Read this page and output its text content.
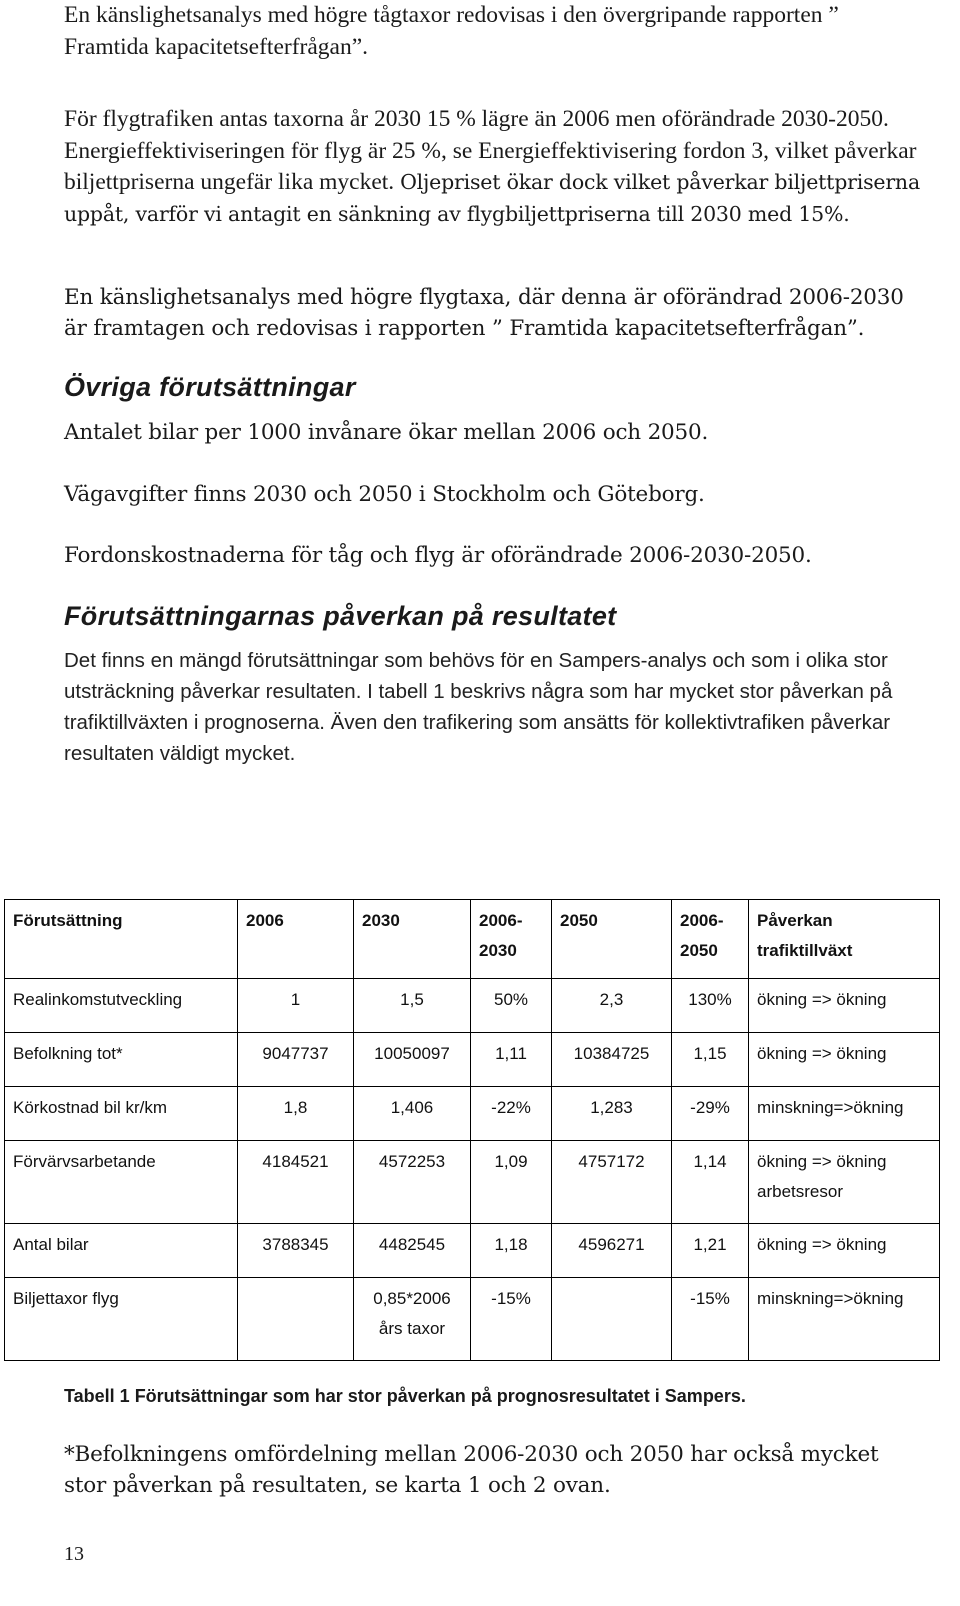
En känslighetsanalys med högre tågtaxor redovisas i den övergripande rapporten ” Framtida kapacitetsefterfrågan”.

För flygtrafiken antas taxorna år 2030 15 % lägre än 2006 men oförändrade 2030-2050. Energieffektiviseringen för flyg är 25 %, se Energieffektivisering fordon 3, vilket påverkar biljettpriserna ungefär lika mycket. Oljepriset ökar dock vilket påverkar biljettpriserna uppåt, varför vi antagit en sänkning av flygbiljettpriserna till 2030 med 15%.

En känslighetsanalys med högre flygtaxa, där denna är oförändrad 2006-2030 är framtagen och redovisas i rapporten ” Framtida kapacitetsefterfrågan”.

Övriga förutsättningar

Antalet bilar per 1000 invånare ökar mellan 2006 och 2050.

Vägavgifter finns 2030 och 2050 i Stockholm och Göteborg.

Fordonskostnaderna för tåg och flyg är oförändrade 2006-2030-2050.

Förutsättningarnas påverkan på resultatet

Det finns en mängd förutsättningar som behövs för en Sampers-analys och som i olika stor utsträckning påverkar resultaten. I tabell 1 beskrivs några som har mycket stor påverkan på trafiktillväxten i prognoserna. Även den trafikering som ansätts för kollektivtrafiken påverkar resultaten väldigt mycket.

Förutsättning	2006	2030	2006-2030	2050	2006-2050	Påverkan trafiktillväxt
Realinkomstutveckling	1	1,5	50%	2,3	130%	ökning => ökning
Befolkning tot*	9047737	10050097	1,11	10384725	1,15	ökning => ökning
Körkostnad bil kr/km	1,8	1,406	-22%	1,283	-29%	minskning=>ökning
Förvärvsarbetande	4184521	4572253	1,09	4757172	1,14	ökning => ökning arbetsresor
Antal bilar	3788345	4482545	1,18	4596271	1,21	ökning => ökning
Biljettaxor flyg		0,85*2006 års taxor	-15%		-15%	minskning=>ökning
Tabell 1 Förutsättningar som har stor påverkan på prognosresultatet i Sampers.

*Befolkningens omfördelning mellan 2006-2030 och 2050 har också mycket stor påverkan på resultaten, se karta 1 och 2 ovan.

13
